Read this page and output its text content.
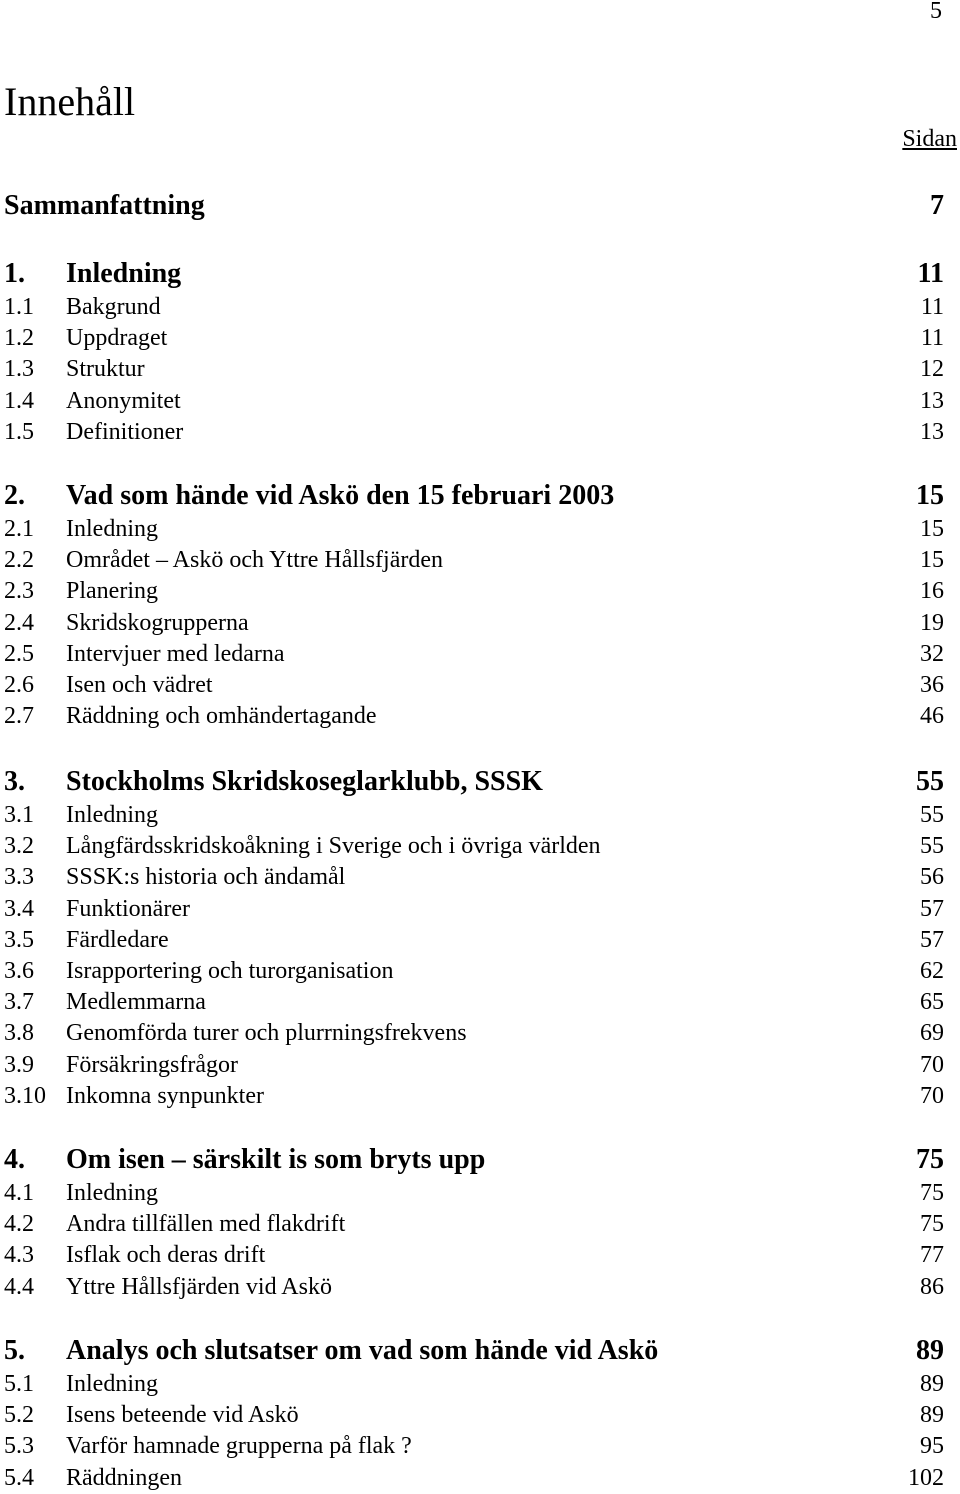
5
Innehåll
Sidan
Sammanfattning	7
1.	Inledning	11
1.1	Bakgrund	11
1.2	Uppdraget	11
1.3	Struktur	12
1.4	Anonymitet	13
1.5	Definitioner	13
2.	Vad som hände vid Askö den 15 februari 2003	15
2.1	Inledning	15
2.2	Området – Askö och Yttre Hållsfjärden	15
2.3	Planering	16
2.4	Skridskogrupperna	19
2.5	Intervjuer med ledarna	32
2.6	Isen och vädret	36
2.7	Räddning och omhändertagande	46
3.	Stockholms Skridskoseglarklubb, SSSK	55
3.1	Inledning	55
3.2	Långfärdsskridskoåkning i Sverige och i övriga världen	55
3.3	SSSK:s historia och ändamål	56
3.4	Funktionärer	57
3.5	Färdledare	57
3.6	Israpportering och turorganisation	62
3.7	Medlemmarna	65
3.8	Genomförda turer och plurrningsfrekvens	69
3.9	Försäkringsfrågor	70
3.10 Inkomna synpunkter	70
4.	Om isen – särskilt is som bryts upp	75
4.1	Inledning	75
4.2	Andra tillfällen med flakdrift	75
4.3	Isflak och deras drift	77
4.4	Yttre Hållsfjärden vid Askö	86
5.	Analys och slutsatser om vad som hände vid Askö	89
5.1	Inledning	89
5.2	Isens beteende vid Askö	89
5.3	Varför hamnade grupperna på flak ?	95
5.4	Räddningen	102
